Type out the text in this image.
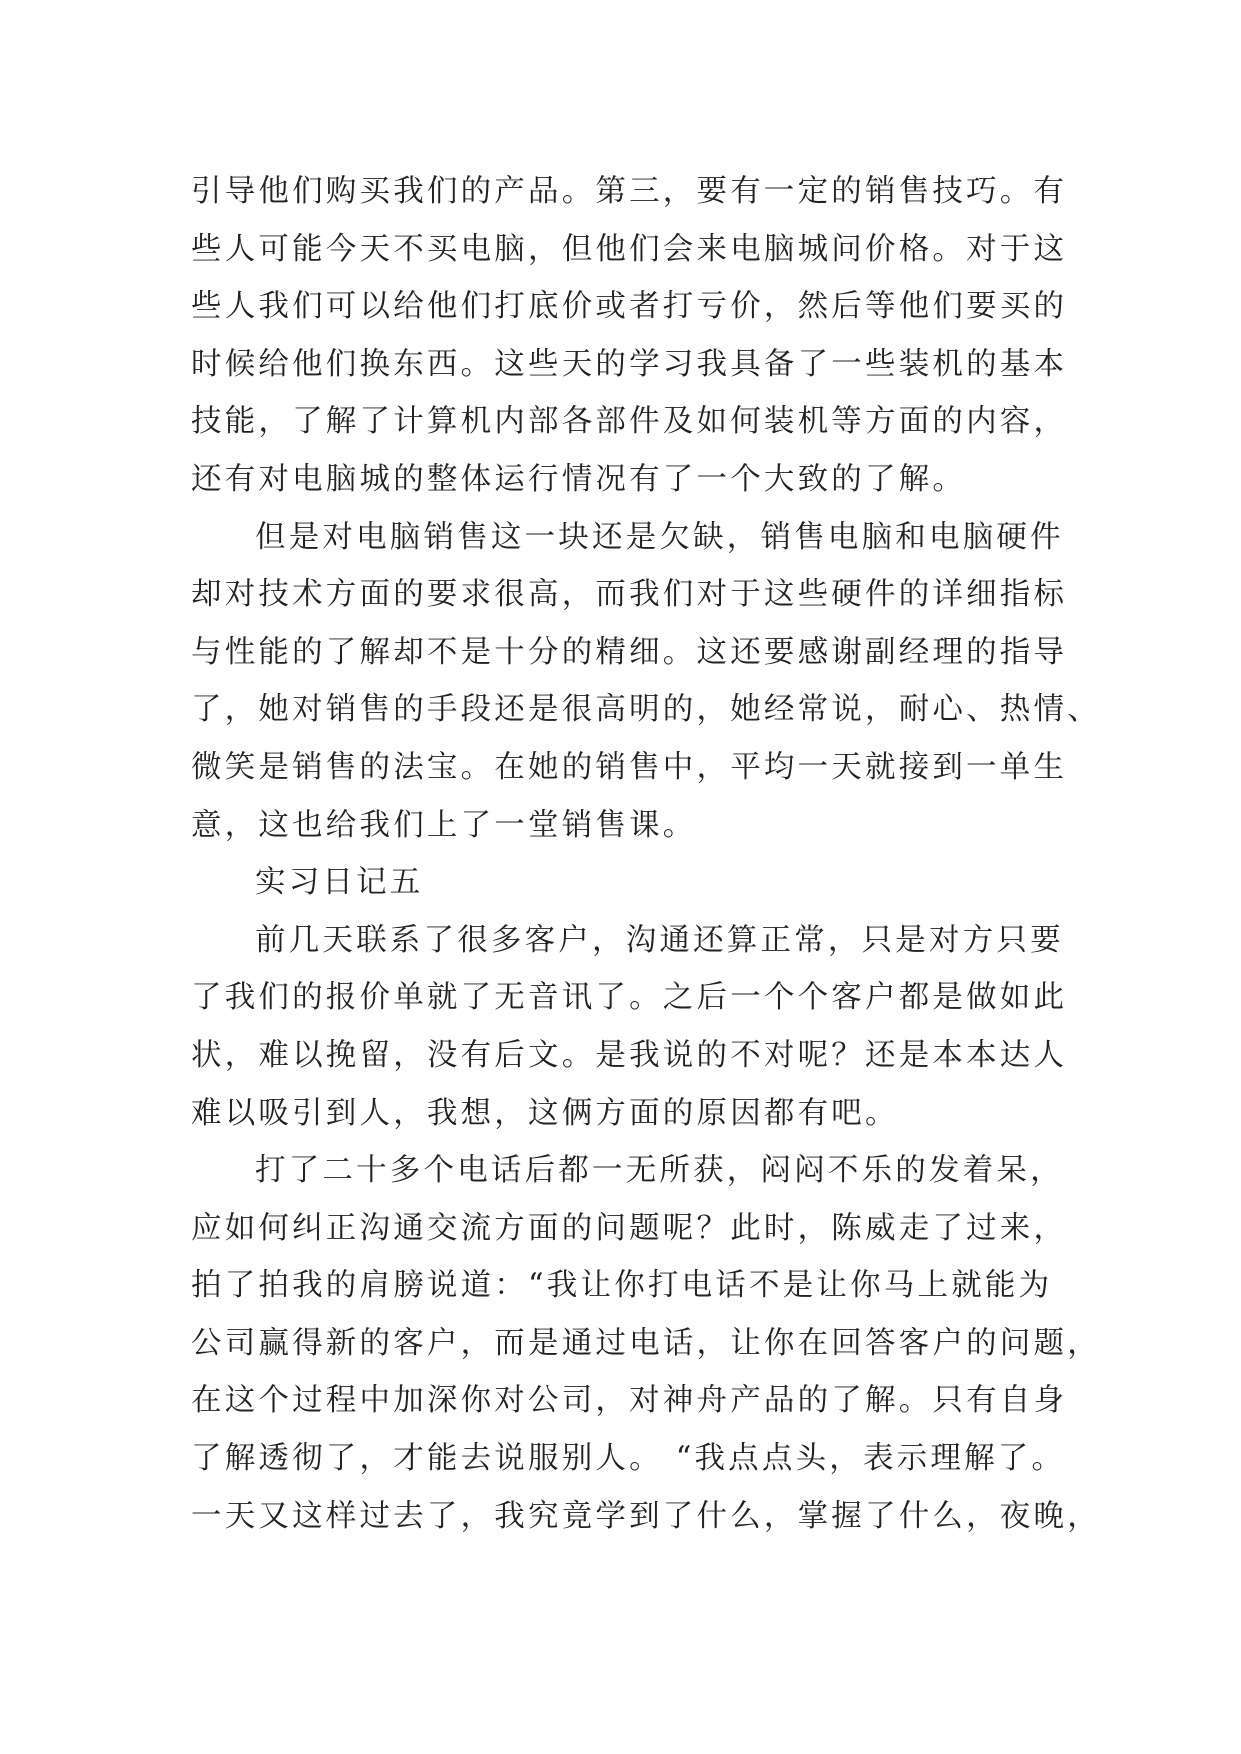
引导他们购买我们的产品。第三，要有一定的销售技巧。有
些人可能今天不买电脑，但他们会来电脑城问价格。对于这
些人我们可以给他们打底价或者打亏价，然后等他们要买的
时候给他们换东西。这些天的学习我具备了一些装机的基本
技能，了解了计算机内部各部件及如何装机等方面的内容，
还有对电脑城的整体运行情况有了一个大致的了解。
但是对电脑销售这一块还是欠缺，销售电脑和电脑硬件
却对技术方面的要求很高，而我们对于这些硬件的详细指标
与性能的了解却不是十分的精细。这还要感谢副经理的指导
了，她对销售的手段还是很高明的，她经常说，耐心、热情、
微笑是销售的法宝。在她的销售中，平均一天就接到一单生
意，这也给我们上了一堂销售课。
实习日记五
前几天联系了很多客户，沟通还算正常，只是对方只要
了我们的报价单就了无音讯了。之后一个个客户都是做如此
状，难以挽留，没有后文。是我说的不对呢？还是本本达人
难以吸引到人，我想，这俩方面的原因都有吧。
打了二十多个电话后都一无所获，闷闷不乐的发着呆，
应如何纠正沟通交流方面的问题呢？此时，陈威走了过来，
拍了拍我的肩膀说道：“我让你打电话不是让你马上就能为
公司赢得新的客户，而是通过电话，让你在回答客户的问题，
在这个过程中加深你对公司，对神舟产品的了解。只有自身
了解透彻了，才能去说服别人。 “我点点头，表示理解了。
一天又这样过去了，我究竟学到了什么，掌握了什么，夜晚，
